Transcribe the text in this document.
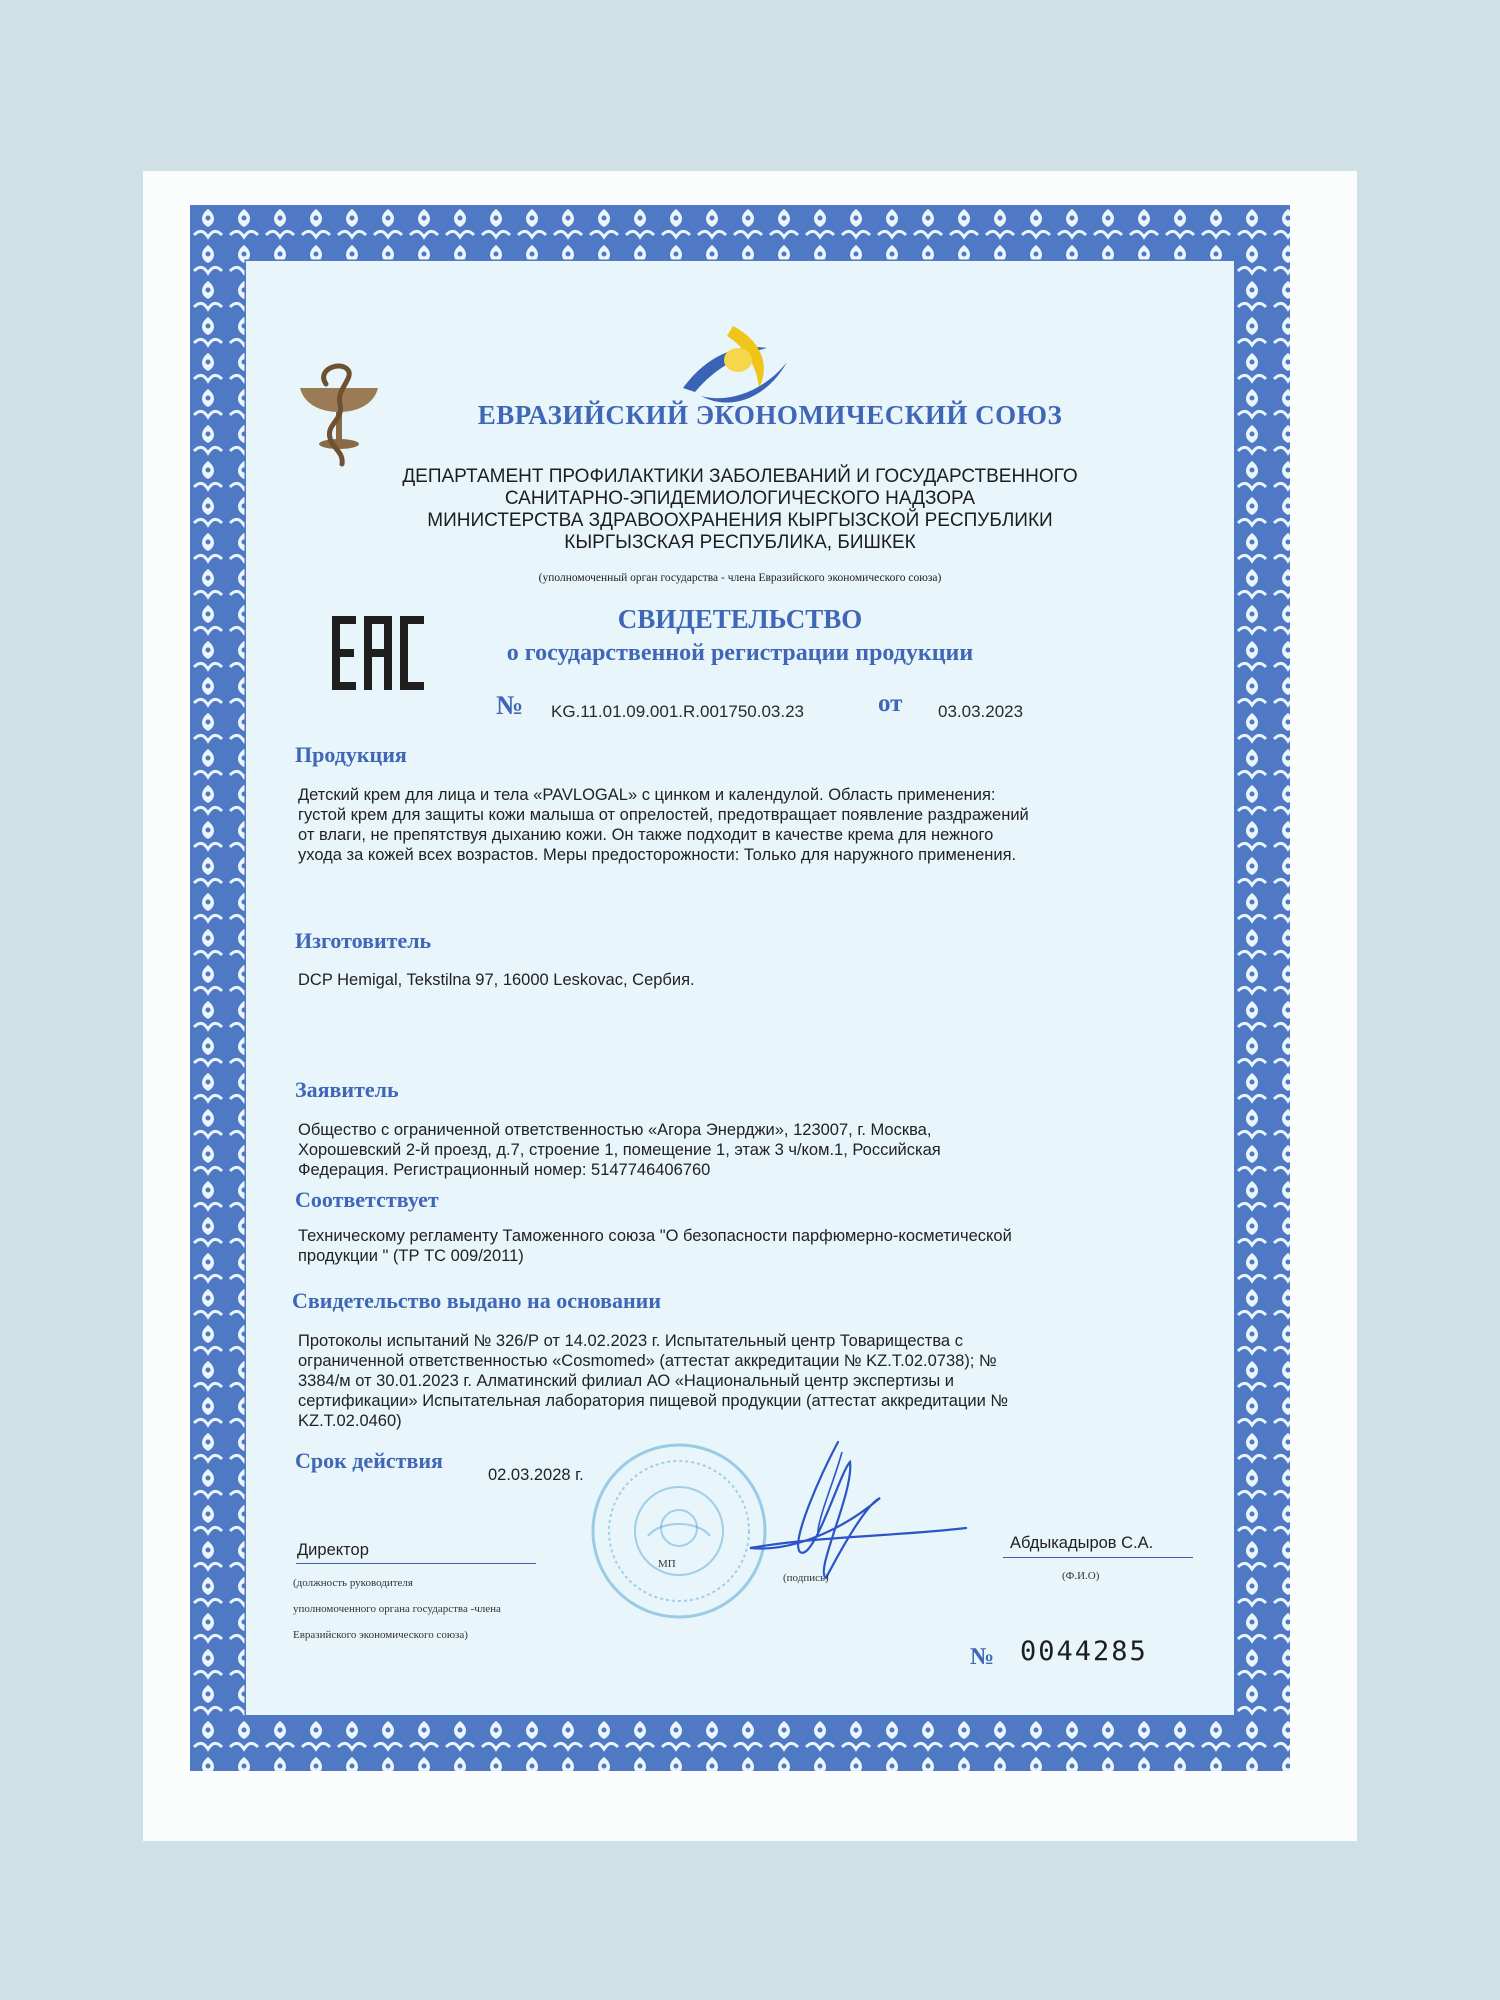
ЕВРАЗИЙСКИЙ ЭКОНОМИЧЕСКИЙ СОЮЗ
ДЕПАРТАМЕНТ ПРОФИЛАКТИКИ ЗАБОЛЕВАНИЙ И ГОСУДАРСТВЕННОГО
САНИТАРНО-ЭПИДЕМИОЛОГИЧЕСКОГО НАДЗОРА
МИНИСТЕРСТВА ЗДРАВООХРАНЕНИЯ КЫРГЫЗСКОЙ РЕСПУБЛИКИ
КЫРГЫЗСКАЯ РЕСПУБЛИКА, БИШКЕК
(уполномоченный орган государства - члена Евразийского экономического союза)
СВИДЕТЕЛЬСТВО
о государственной регистрации продукции
№ KG.11.01.09.001.R.001750.03.23	от 03.03.2023
Продукция
Детский крем для лица и тела «PAVLOGAL» с цинком и календулой. Область применения:
густой крем для защиты кожи малыша от опрелостей, предотвращает появление раздражений
от влаги, не препятствуя дыханию кожи. Он также подходит в качестве крема для нежного
ухода за кожей всех возрастов. Меры предосторожности: Только для наружного применения.
Изготовитель
DCP Hemigal, Tekstilna 97, 16000 Leskovac, Сербия.
Заявитель
Общество с ограниченной ответственностью «Агора Энерджи», 123007, г. Москва,
Хорошевский 2-й проезд, д.7, строение 1, помещение 1, этаж 3 ч/ком.1, Российская
Федерация. Регистрационный номер: 5147746406760
Соответствует
Техническому регламенту Таможенного союза "О безопасности парфюмерно-косметической
продукции " (ТР ТС 009/2011)
Свидетельство выдано на основании
Протоколы испытаний № 326/Р от 14.02.2023 г. Испытательный центр Товарищества с
ограниченной ответственностью «Cosmomed» (аттестат аккредитации № KZ.T.02.0738); №
3384/м от 30.01.2023 г. Алматинский филиал АО «Национальный центр экспертизы и
сертификации» Испытательная лаборатория пищевой продукции (аттестат аккредитации №
KZ.T.02.0460)
Срок действия
02.03.2028 г.
Директор
(должность руководителя
уполномоченного органа государства -члена
Евразийского экономического союза)
МП
(подпись)
Абдыкадыров С.А.
(Ф.И.О)
№ 0044285
